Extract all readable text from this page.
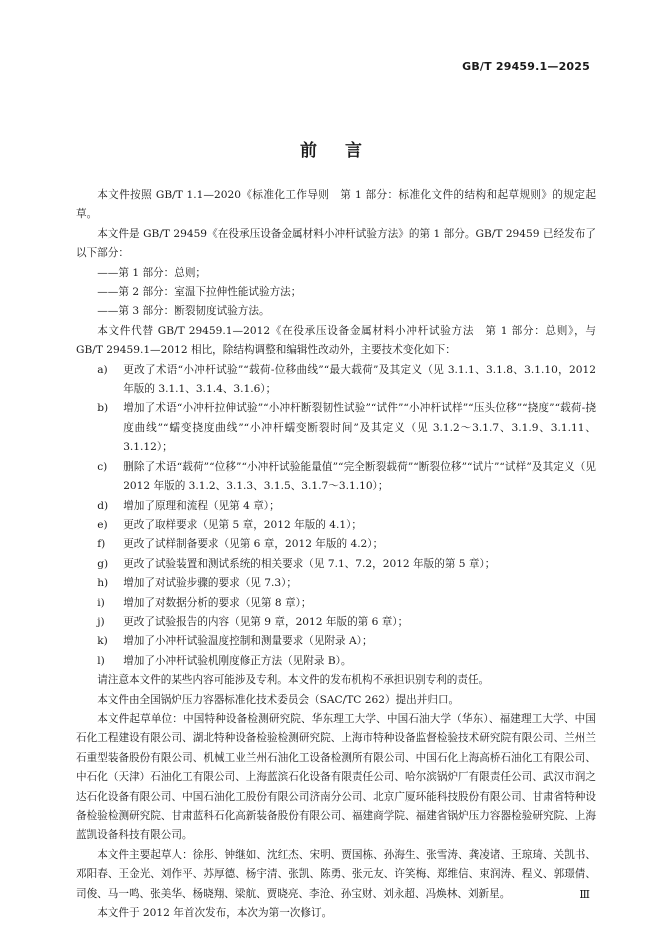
GB/T 29459.1—2025
前言

本文件按照 GB/T 1.1—2020《标准化工作导则　第 1 部分：标准化文件的结构和起草规则》的规定起草。

本文件是 GB/T 29459《在役承压设备金属材料小冲杆试验方法》的第 1 部分。GB/T 29459 已经发布了以下部分：

——第 1 部分：总则；

——第 2 部分：室温下拉伸性能试验方法；

——第 3 部分：断裂韧度试验方法。

本文件代替 GB/T 29459.1—2012《在役承压设备金属材料小冲杆试验方法　第 1 部分：总则》，与 GB/T 29459.1—2012 相比，除结构调整和编辑性改动外，主要技术变化如下：

a)	更改了术语“小冲杆试验”“载荷-位移曲线”“最大载荷”及其定义（见 3.1.1、3.1.8、3.1.10，2012 年版的 3.1.1、3.1.4、3.1.6）；
b)	增加了术语“小冲杆拉伸试验”“小冲杆断裂韧性试验”“试件”“小冲杆试样”“压头位移”“挠度”“载荷-挠度曲线”“蠕变挠度曲线”“小冲杆蠕变断裂时间”及其定义（见 3.1.2～3.1.7、3.1.9、3.1.11、3.1.12）；
c)	删除了术语“载荷”“位移”“小冲杆试验能量值”“完全断裂载荷”“断裂位移”“试片”“试样”及其定义（见 2012 年版的 3.1.2、3.1.3、3.1.5、3.1.7～3.1.10）；
d)	增加了原理和流程（见第 4 章）；
e)	更改了取样要求（见第 5 章，2012 年版的 4.1）；
f)	更改了试样制备要求（见第 6 章，2012 年版的 4.2）；
g)	更改了试验装置和测试系统的相关要求（见 7.1、7.2，2012 年版的第 5 章）；
h)	增加了对试验步骤的要求（见 7.3）；
i)	增加了对数据分析的要求（见第 8 章）；
j)	更改了试验报告的内容（见第 9 章，2012 年版的第 6 章）；
k)	增加了小冲杆试验温度控制和测量要求（见附录 A）；
l)	增加了小冲杆试验机刚度修正方法（见附录 B）。

请注意本文件的某些内容可能涉及专利。本文件的发布机构不承担识别专利的责任。

本文件由全国锅炉压力容器标准化技术委员会（SAC/TC 262）提出并归口。

本文件起草单位：中国特种设备检测研究院、华东理工大学、中国石油大学（华东）、福建理工大学、中国石化工程建设有限公司、湖北特种设备检验检测研究院、上海市特种设备监督检验技术研究院有限公司、兰州兰石重型装备股份有限公司、机械工业兰州石油化工设备检测所有限公司、中国石化上海高桥石油化工有限公司、中石化（天津）石油化工有限公司、上海蓝滨石化设备有限责任公司、哈尔滨锅炉厂有限责任公司、武汉市润之达石化设备有限公司、中国石油化工股份有限公司济南分公司、北京广厦环能科技股份有限公司、甘肃省特种设备检验检测研究院、甘肃蓝科石化高新装备股份有限公司、福建商学院、福建省锅炉压力容器检验研究院、上海蓝凯设备科技有限公司。

本文件主要起草人：徐彤、钟继如、沈红杰、宋明、贾国栋、孙海生、张雪涛、龚凌诸、王琼琦、关凯书、邓阳春、王金光、刘作平、苏厚德、杨宇清、张凯、陈勇、张元友、许笑梅、郑维信、束润涛、程义、郭璟倩、司俊、马一鸣、张美华、杨晓翔、梁航、贾晓亮、李沧、孙宝财、刘永超、冯焕林、刘新星。

本文件于 2012 年首次发布，本次为第一次修订。

Ⅲ
